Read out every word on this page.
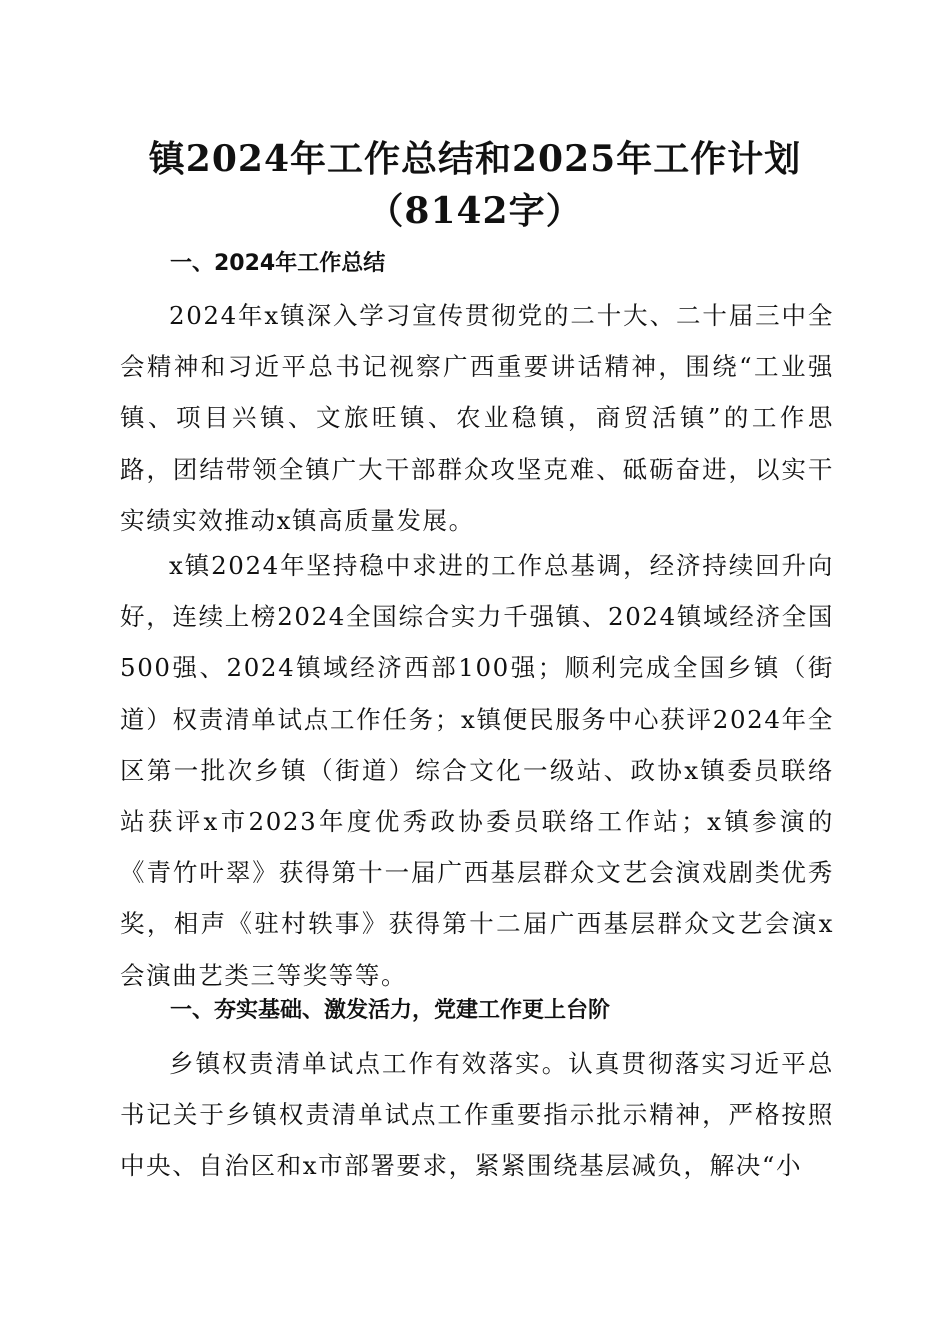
镇2024年工作总结和2025年工作计划（8142字）
一、2024年工作总结

2024年x镇深入学习宣传贯彻党的二十大、二十届三中全会精神和习近平总书记视察广西重要讲话精神，围绕“工业强镇、项目兴镇、文旅旺镇、农业稳镇，商贸活镇”的工作思路，团结带领全镇广大干部群众攻坚克难、砥砺奋进，以实干实绩实效推动x镇高质量发展。

x镇2024年坚持稳中求进的工作总基调，经济持续回升向好，连续上榜2024全国综合实力千强镇、2024镇域经济全国500强、2024镇域经济西部100强；顺利完成全国乡镇（街道）权责清单试点工作任务；x镇便民服务中心获评2024年全区第一批次乡镇（街道）综合文化一级站、政协x镇委员联络站获评x市2023年度优秀政协委员联络工作站；x镇参演的《青竹叶翠》获得第十一届广西基层群众文艺会演戏剧类优秀奖，相声《驻村轶事》获得第十二届广西基层群众文艺会演x会演曲艺类三等奖等等。

一、夯实基础、激发活力，党建工作更上台阶

乡镇权责清单试点工作有效落实。认真贯彻落实习近平总书记关于乡镇权责清单试点工作重要指示批示精神，严格按照中央、自治区和x市部署要求，紧紧围绕基层减负，解决“小
